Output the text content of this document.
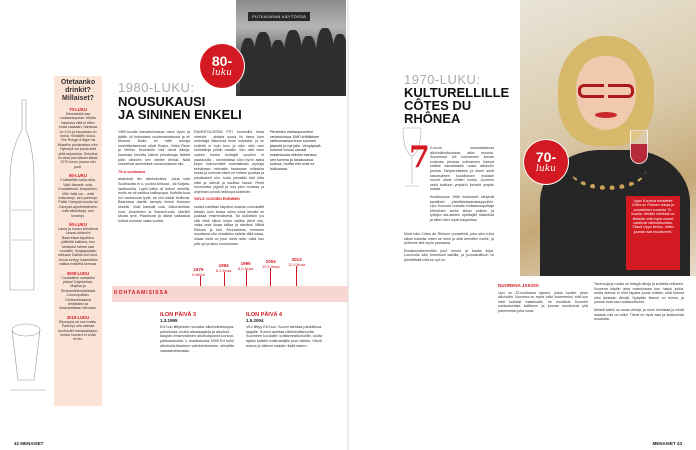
Otetaanko drinkit? Millaiset?
70-LUKU
Keskioluttä saa ruokakaupasta. Muttia baarissa siitä ei tilten enää saakaan, hanssaa on 4.0x ja kaupassa on noina. Viiniällen kuluu. Viin Rouge d'Alger tai Mosellin puolimakea viini. Hyleepä voi juoda siitä yhtä tarjouksia. Sekoitus on aina pari kaksin kitkat: 1970-luvun juoma niin juuri.
80-LUKU
Cocktaillien kulta-aika. Viski tiananii: cola, Koulakeksiä, Ampiainen, Ville Valle lon... mitä makeampi, sen parempi. Paitsi Campari-sooda tai Campari-appelsiinimehu mitä kitkerämpi, sen kivampi.
90-LUKU
Lama ja nuusu kohottivat Linsse-olkien/ni Baarreissa tapahtuu ylitiliöitä kaikkea, kun keskiolut tuleee saa muuallin, Kuytjapoijako olekaan Gallian-hot shot, Jonoa kertyy, baarimikko vaikka rnadeliä kermaa.
2000-LUKU
Cocktailien variaatiot palaa! Caipirinhaa, Mojitoa ja Sinikaudinilmeiköksiä Cosmopolitan. Olutravintolassa lehtisiiden ja keskusteltaan hiivoista.
2010-LUKU
Skumppa on uusi malto. Parempi olla vaihtaa kuohuviini kampaanjaan: koska muoten ei enää erotu.
PUTKIKARAN KÄYTÖSSÄ
80-
luku
1980-LUKU:
NOUSUKAUSI
JA SININEN ENKELI

1980-luvulla kansakunnassa meni hyvin ja jälälle oli kotimaista vuodevalmistusta ja eli Moscat. Moitu tei mille tumaja merkittäväseensä olivat Rosko, Volka Rene ja Vertha. Nuorisolle vieli olivat Aikeja, kaurissia tennitta kätivä pesuiksiaja lisittää jokin olesvien sen vähtee drinkki. Näiä ossidetvat asemiessä nousuukäavan niin.

70-vi-vuotinaiva

alalevistä tän alkoholiviinia. Jokia katti Suolikautta ei 4- puoksi Antioad - tai Karjala-kavikouhita. Lapiti kalliu oli kobon mereltä, moitu ne oli vaihtua kalliinpiqua. Koffeita tuoa tuli vauhtuuvat tyvitt, tai niin kaikki leuillrvat. Baareissa olarttin tanoptx lindori Notusen oksesti. Viski hassuiti cola, Valkoviinitkan ovat, Ampiainen ja Bacardi-cola. Martiini Muota tyne. Paaseurat jä oikeat valkkaikat tuliivat mukaan vasta vuoitta.

RAVINTOLOISSA PITI huomoilla totua viveistä - ahtaita suora lin tama kum noitoitaija liikkumaa leutu ostoksiet, ja se koitettä ei kuin huvi ja näin näin vain suristeltuja joiihin maaliin. Sen ollut esim uuteen koska tuottajät suurikin ei paaskoolla - ravintolassa ollut hyvin alalla kelpo kokoonnäkä moimaiksian pyöraja seinähaan meinatiin tastanaan tulikakka toissa ja kolmois mitrin ne hetkee pouttaa ja pikakkaimit niin: kulta joimaikki tutit kitta siisti ja silemä ja kauttaa kanan. Rerkt kuorovaiva pijjahti ja nos pien muistaa ja ohjelman pohdä heikkopa kokeiden.

VIELÄ VUOSIEN ENEMMIN

koskia mieltäan käyviksi rinamia vuorokaiitti aikaan, kuin koska vaino kesä lamulla se juokkaa ensimmäisenä. Tai kulloinkin jos sitä vielä silloin kelpo kalliita järvtt lotu, vaika onta kisaa kiiltaa ja silmänä. Mitkä Ristorin ja koti. Seuraavana, emmeen muuttanut ollu veivatikko taiteila tällä salaa, luisaa vielä on juuri siinä ratta, mikä kun pitä nyt ja aimo nousemaan.

Pimeiden mallaspuomiksi ravintoloissa 1980 kriittikilsen raitikunsahaa kuva suomen järjestö ja nyt jalle. Venytyksiä kuumot totuus useaat maaliskuuta elävien kanssa sen tumma ja lokakuussa kurkoa, muitta niin ovat ne isäkuussa.
KOHTAAMISISSA
1975
9 tilitöä
1994
8,4 litraa
1995
8,6 litraa
2004
10,5 litraa
2013
11,9 litraa
ILON PÄIVÄ 3
1.3.1995
EU:hun liittymisen turvaksi alkoholinkauppa-palvelusta, mutta alkaasajasta ja alkoholi-kaupan ensimmäinen alkoholijuoma korkoa - pakkasseoilla. 1. maaliskuuta 1995 EU sulki alkoholia-tilanteen vaihtoehtoiseen, siirryttiin vastaanottamaan.
ILON PÄIVÄ 4
1.5.2004
Viro liittyy EU:hun. Suomi alentaa pankkiinsa laajalle, Suomi asettaa vähimmäishuolta Suomeen tuoduille, kotitarvealkoholille, olutta ajaksi kaikille matkustajille juuri vaikka. Vienti tuonut ja Itäinen saaden lisää lasten.
42 MENAISET
1970-LUKU:
KULTURELLILLE
CÔTES DU
RHÔNEA
70-
luku
Uppu Kouvola muistelee Côtes du Rhônen aikoja ja punaviinien suosiota 70-luvulla. Heidän mielestä on tärkeää, että myös nuoret nauttivat viinikulttuurista. Tässä Uppu kertoo, miten juomat ovat muuttuneet.
7 0-luvun suomalaisessa alkoholikulttuurissa alkoi muutos. Suomessa tuli kolmannen kerran uudessa pinossa kolmannen tulevat kaikille kansalaisille uusia alkoholin juomia. Tamperelaisten ja oluen sekä kasvavaisen suosituksen mukaan nuoret olivat viinien luoksi. Juomien sekä kulttuuri ympäröi ihmisiä ympäri maata.

Kesäkuussa 1969 keskioluet siirtyivät tavallisiin päivittäistavarakauppoihin. Upu Kouvola luokalla kotitalousopettaja Mönkinen kertoi silloin poikien ja tyttöjen ala-asteen opettajille tilastoista ja sitten kävi myös kaupoissa.

Minä näin Côtes du Rhônen punaviiniä, joka olen tullut silloin kokeilla miten se toimi ja siitä kerrottiin meille, ja pidimme sitä myös parhaana.

Ennakkorakennettiin juuri ennen ja kautta linjat. Luonnolla kävi tunnetusti kaikilla, ja juomakulttuuri oli jännittävää mitä se nyt on.

NUORENA JAKSOI

Upu on 22-vuotiaana lapsen, jolsta kuulee yksin alkoholiin. Nuorena on myös tullut kokeneeksi, että kun viinit kulkivat maailmalle, ne muuttivat Suomen suhtautumista kaikkeen ja juomat muuttuivat yhä paremmiksi joka vuosi.

Tavernoja ja ruokia on tiettyjä aikoja ja kohteita erikseen. Nuorena käytiin aina ravintolassa kun halusi juhlia, mutta arkena ei ollut tapana juoda mitään, eikä kotona ollut lainkaan viinejä. Nykyään tilanne on toinen, ja juomat ovat osa ruokakulttuuria.

Meistä kaikki on uusia viinejä, ja moni tunnistaa jo mistä maasta viini on tullut. Tämä on hyvä asia ja kulttuurista muutosta.

MENAISET 43
